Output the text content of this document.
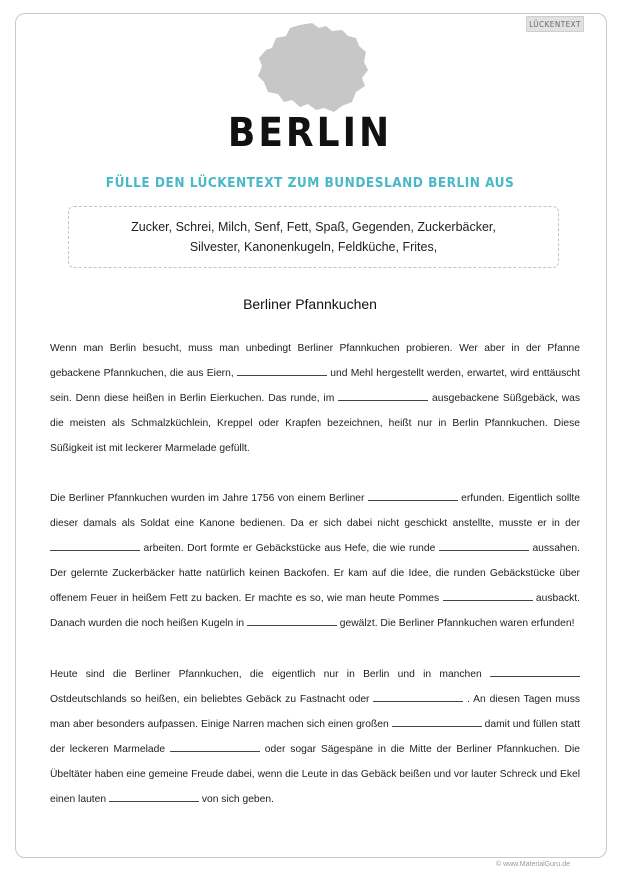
LÜCKENTEXT
BERLIN
FÜLLE DEN LÜCKENTEXT ZUM BUNDESLAND BERLIN AUS
Zucker, Schrei, Milch, Senf, Fett, Spaß, Gegenden, Zuckerbäcker,
Silvester, Kanonenkugeln, Feldküche, Frites,
Berliner Pfannkuchen
Wenn man Berlin besucht, muss man unbedingt Berliner Pfannkuchen probieren. Wer aber in der Pfanne gebackene Pfannkuchen, die aus Eiern,	und Mehl hergestellt werden, erwartet, wird enttäuscht sein. Denn diese heißen in Berlin Eierkuchen. Das runde, im	ausgebackene Süßgebäck, was die meisten als Schmalzküchlein, Kreppel oder Krapfen bezeichnen, heißt nur in Berlin Pfannkuchen. Diese Süßigkeit ist mit leckerer Marmelade gefüllt.
Die Berliner Pfannkuchen wurden im Jahre 1756 von einem Berliner	erfunden. Eigentlich sollte dieser damals als Soldat eine Kanone bedienen. Da er sich dabei nicht geschickt anstellte, musste er in der  arbeiten. Dort formte er Gebäckstücke aus Hefe, die wie runde	aussahen. Der gelernte Zuckerbäcker hatte natürlich keinen Backofen. Er kam auf die Idee, die runden Gebäckstücke über offenem Feuer in heißem Fett zu backen. Er machte es so, wie man heute Pommes	ausbackt. Danach wurden die noch heißen Kugeln in	gewälzt. Die Berliner Pfannkuchen waren erfunden!
Heute sind die Berliner Pfannkuchen, die eigentlich nur in Berlin und in manchen  Ostdeutschlands so heißen, ein beliebtes Gebäck zu Fastnacht oder	. An diesen Tagen muss man aber besonders aufpassen. Einige Narren machen sich einen großen	damit und füllen statt der leckeren Marmelade	oder sogar Sägespäne in die Mitte der Berliner Pfannkuchen. Die Übeltäter haben eine gemeine Freude dabei, wenn die Leute in das Gebäck beißen und vor lauter Schreck und Ekel einen lauten	von sich geben.
© www.MaterialGuru.de
